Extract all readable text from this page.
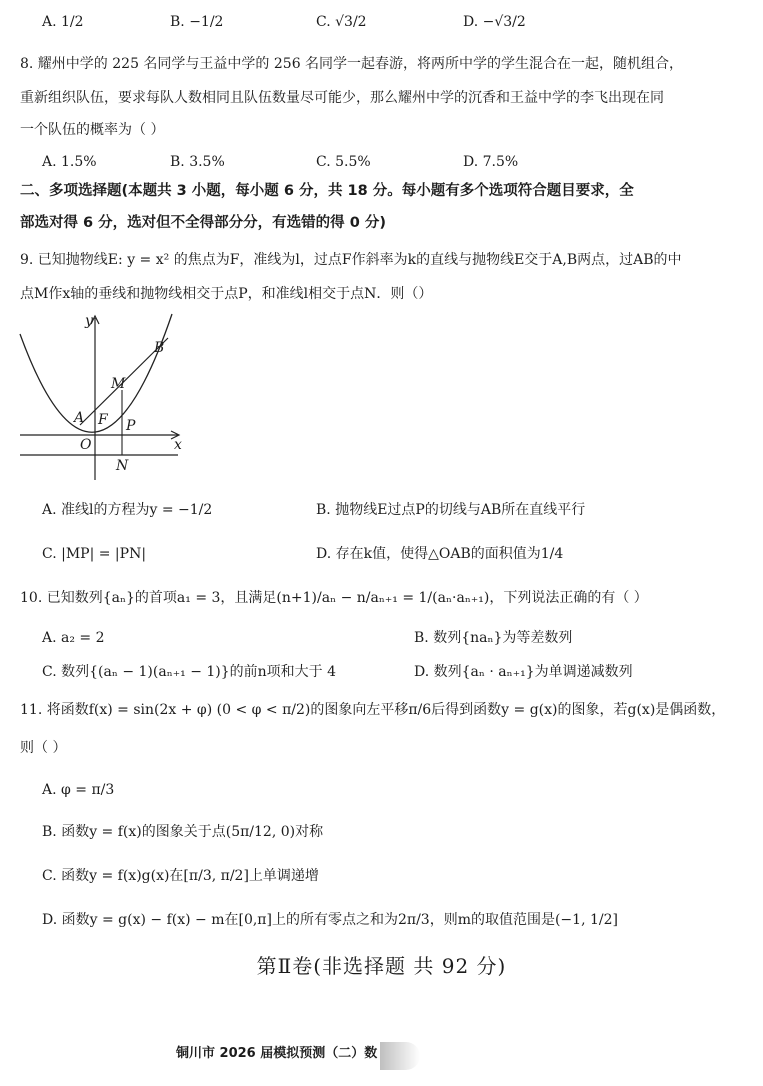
A. 1/2	B. −1/2	C. √3/2	D. −√3/2
8. 耀州中学的 225 名同学与王益中学的 256 名同学一起春游，将两所中学的学生混合在一起，随机组合，
重新组织队伍，要求每队人数相同且队伍数量尽可能少，那么耀州中学的沉香和王益中学的李飞出现在同
一个队伍的概率为（ ）
A. 1.5%	B. 3.5%	C. 5.5%	D. 7.5%
二、多项选择题(本题共 3 小题，每小题 6 分，共 18 分。每小题有多个选项符合题目要求，全
部选对得 6 分，选对但不全得部分分，有选错的得 0 分)
9. 已知抛物线E: y = x² 的焦点为F，准线为l，过点F作斜率为k的直线与抛物线E交于A,B两点，过AB的中
点M作x轴的垂线和抛物线相交于点P，和准线l相交于点N．则（）
y
x
O
A
B
F
M
P
N
A. 准线l的方程为y = −1/2	B. 抛物线E过点P的切线与AB所在直线平行
C. |MP| = |PN|	D. 存在k值，使得△OAB的面积值为1/4
10. 已知数列{aₙ}的首项a₁ = 3，且满足(n+1)/aₙ − n/aₙ₊₁ = 1/(aₙ·aₙ₊₁)，下列说法正确的有（ ）
A. a₂ = 2	B. 数列{naₙ}为等差数列
C. 数列{(aₙ − 1)(aₙ₊₁ − 1)}的前n项和大于 4	D. 数列{aₙ · aₙ₊₁}为单调递减数列
11. 将函数f(x) = sin(2x + φ) (0 < φ < π/2)的图象向左平移π/6后得到函数y = g(x)的图象，若g(x)是偶函数，
则（ ）
A. φ = π/3
B. 函数y = f(x)的图象关于点(5π/12, 0)对称
C. 函数y = f(x)g(x)在[π/3, π/2]上单调递增
D. 函数y = g(x) − f(x) − m在[0,π]上的所有零点之和为2π/3，则m的取值范围是(−1, 1/2]
第Ⅱ卷(非选择题 共 92 分)
铜川市 2026 届模拟预测（二）数
